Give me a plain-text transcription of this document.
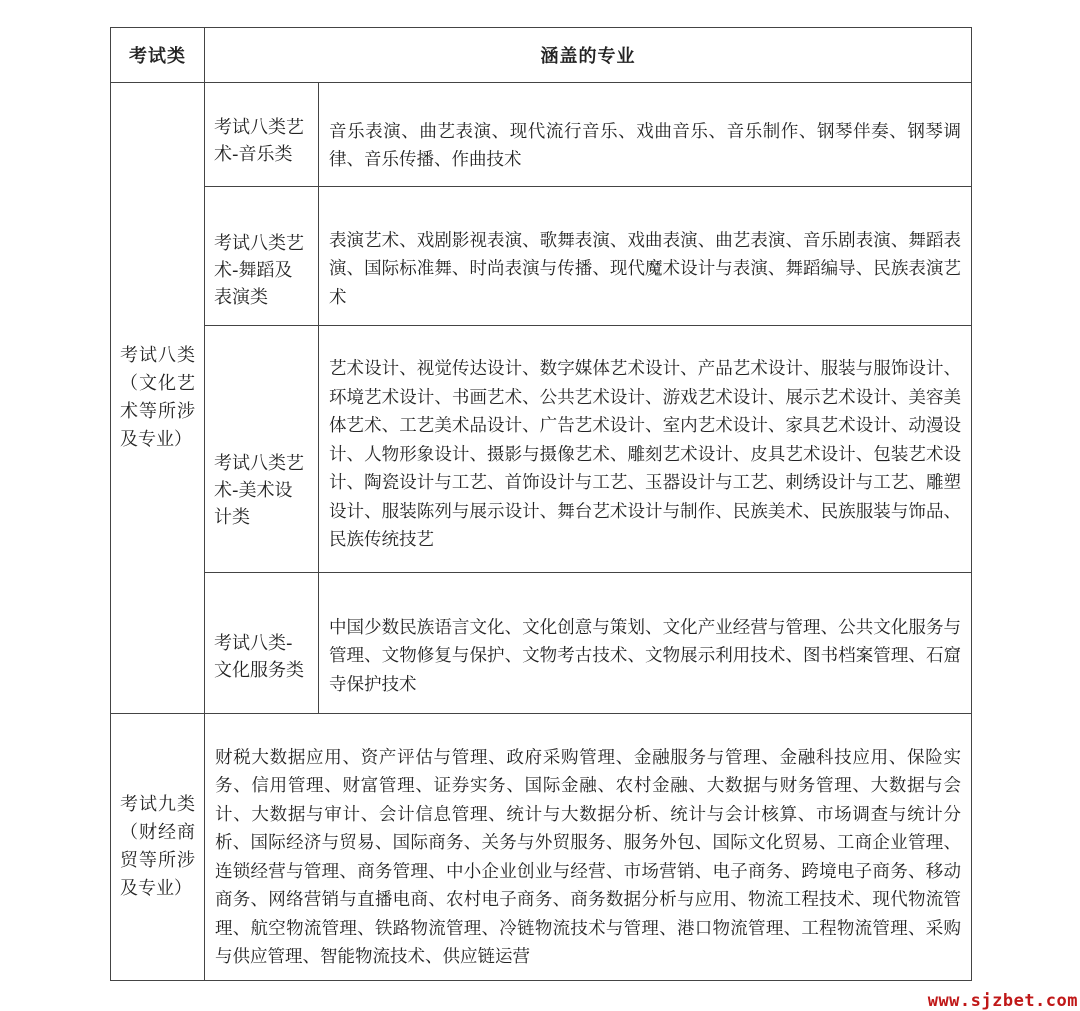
考试类	涵盖的专业	
考试八类（文化艺术等所涉及专业）	考试八类艺术-音乐类	音乐表演、曲艺表演、现代流行音乐、戏曲音乐、音乐制作、钢琴伴奏、钢琴调律、音乐传播、作曲技术

	考试八类艺术-舞蹈及表演类	表演艺术、戏剧影视表演、歌舞表演、戏曲表演、曲艺表演、音乐剧表演、舞蹈表演、国际标准舞、时尚表演与传播、现代魔术设计与表演、舞蹈编导、民族表演艺术

	考试八类艺术-美术设计类	艺术设计、视觉传达设计、数字媒体艺术设计、产品艺术设计、服装与服饰设计、环境艺术设计、书画艺术、公共艺术设计、游戏艺术设计、展示艺术设计、美容美体艺术、工艺美术品设计、广告艺术设计、室内艺术设计、家具艺术设计、动漫设计、人物形象设计、摄影与摄像艺术、雕刻艺术设计、皮具艺术设计、包装艺术设计、陶瓷设计与工艺、首饰设计与工艺、玉器设计与工艺、刺绣设计与工艺、雕塑设计、服装陈列与展示设计、舞台艺术设计与制作、民族美术、民族服装与饰品、民族传统技艺

	考试八类-文化服务类	中国少数民族语言文化、文化创意与策划、文化产业经营与管理、公共文化服务与管理、文物修复与保护、文物考古技术、文物展示利用技术、图书档案管理、石窟寺保护技术

考试九类（财经商贸等所涉及专业）	财税大数据应用、资产评估与管理、政府采购管理、金融服务与管理、金融科技应用、保险实务、信用管理、财富管理、证券实务、国际金融、农村金融、大数据与财务管理、大数据与会计、大数据与审计、会计信息管理、统计与大数据分析、统计与会计核算、市场调查与统计分析、国际经济与贸易、国际商务、关务与外贸服务、服务外包、国际文化贸易、工商企业管理、连锁经营与管理、商务管理、中小企业创业与经营、市场营销、电子商务、跨境电子商务、移动商务、网络营销与直播电商、农村电子商务、商务数据分析与应用、物流工程技术、现代物流管理、航空物流管理、铁路物流管理、冷链物流技术与管理、港口物流管理、工程物流管理、采购与供应管理、智能物流技术、供应链运营	
www.sjzbet.com
